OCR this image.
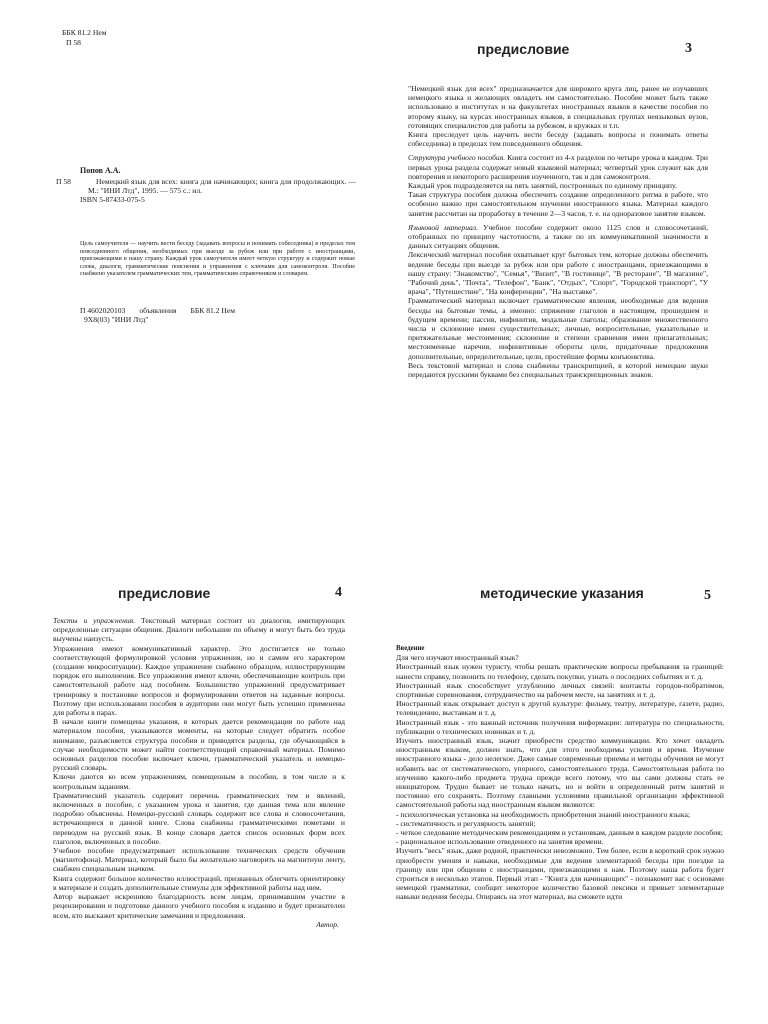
ББК 81.2 Нем
П 58
Попов А.А.
П 58	Немецкий язык для всех: книга для начинающих; книга для продолжающих. — М.: "ИНИ Лтд", 1995. — 575 с.: ил.
ISBN 5-87433-075-5
Цель самоучителя — научить вести беседу (задавать вопросы и понимать собеседника) в пределах тем повседневного общения, необходимых при выезде за рубеж или при работе с иностранцами, приезжающими в нашу страну. Каждый урок самоучителя имеет четкую структуру и содержит новые слова, диалоги, грамматические пояснения и упражнения с ключами для самоконтроля. Пособие снабжено указателем грамматических тем, грамматическим справочником и словарем.
П 4602020103 объявления ББК 81.2 Нем
9Х8(03) "ИНИ Лтд"
предисловие	3

"Немецкий язык для всех" предназначается для широкого круга лиц, ранее не изучавших немецкого языка и желающих овладеть им самостоятельно. Пособие может быть также использовано в институтах и на факультетах иностранных языков в качестве пособия по второму языку, на курсах иностранных языков, в специальных группах неязыковых вузов, готовящих специалистов для работы за рубежом, в кружках и т.п.

Книга преследует цель научить вести беседу (задавать вопросы и понимать ответы собеседника) в пределах тем повседневного общения.

Структура учебного пособия. Книга состоит из 4-х разделов по четыре урока в каждом. Три первых урока раздела содержат новый языковой материал; четвертый урок служит как для повторения и некоторого расширения изученного, так и для самоконтроля.

Каждый урок подразделяется на пять занятий, построенных по единому принципу.

Такая структура пособия должна обеспечить создание определенного ритма в работе, что особенно важно при самостоятельном изучении иностранного языка. Материал каждого занятия рассчитан на проработку в течение 2—3 часов, т. е. на одноразовое занятие языком.

Языковой материал. Учебное пособие содержит около 1125 слов и словосочетаний, отобранных по принципу частотности, а также по их коммуникативной значимости в данных ситуациях общения.

Лексический материал пособия охватывает круг бытовых тем, которые должны обеспечить ведение беседы при выезде за рубеж или при работе с иностранцами, приезжающими в нашу страну: "Знакомство", "Семья", "Визит", "В гостинице", "В ресторане", "В магазине", "Рабочий день", "Почта", "Телефон", "Банк", "Отдых", "Спорт", "Городской транспорт", "У врача", "Путешествие", "На конференции", "На выставке".

Грамматический материал включает грамматические явления, необходимые для ведения беседы на бытовые темы, а именно: спряжение глаголов в настоящем, прошедшем и будущем времени; пассив, инфинитив, модальные глаголы; образование множественного числа и склонение имен существительных; личные, вопросительные, указательные и притяжательные местоимения; склонение и степени сравнения имен прилагательных; местоименные наречия, инфинитивные обороты цели, придаточные предложения дополнительные, определительные, цели, простейшие формы конъюнктива.

Весь текстовой материал и слова снабжены транскрипцией, в которой немецкие звуки передаются русскими буквами без специальных транскрипционных знаков.

предисловие	4

Тексты и упражнения. Текстовый материал состоит из диалогов, имитирующих определенные ситуации общения. Диалоги небольшие по объему и могут быть без труда выучены наизусть.

Упражнения имеют коммуникативный характер. Это достигается не только соответствующей формулировкой условия упражнения, но и самим его характером (создание микроситуации). Каждое упражнение снабжено образцом, иллюстрирующим порядок его выполнения. Все упражнения имеют ключи, обеспечивающие контроль при самостоятельной работе над пособием. Большинство упражнений предусматривает тренировку в постановке вопросов и формулировании ответов на заданные вопросы. Поэтому при использовании пособия в аудитории они могут быть успешно применены для работы в парах.

В начале книги помещены указания, в которых дается рекомендация по работе над материалом пособия, указываются моменты, на которые следует обратить особое внимание, разъясняется структура пособия и приводятся разделы, где обучающийся в случае необходимости может найти соответствующий справочный материал. Помимо основных разделов пособие включает ключи, грамматический указатель и немецко-русский словарь.

Ключи даются ко всем упражнениям, помещенным в пособии, в том числе и к контрольным заданиям.

Грамматический указатель содержит перечень грамматических тем и явлений, включенных в пособие, с указанием урока и занятия, где данная тема или явление подробно объяснены. Немецко-русский словарь содержит все слова и словосочетания, встречающиеся в данной книге. Слова снабжены грамматическими пометами и переводом на русский язык. В конце словаря дается список основных форм всех глаголов, включенных в пособие.

Учебное пособие предусматривает использование технических средств обучения (магнитофона). Материал, который было бы желательно наговорить на магнитную ленту, снабжен специальным значком.

Книга содержит большое количество иллюстраций, призванных облегчить ориентировку в материале и создать дополнительные стимулы для эффективной работы над ним.

Автор выражает искреннюю благодарность всем лицам, принимавшим участие в рецензировании и подготовке данного учебного пособия к изданию и будет признателен всем, кто выскажет критические замечания и предложения.

Автор.

методические указания	5

Введение

Для чего изучают иностранный язык?

Иностранный язык нужен туристу, чтобы решать практические вопросы пребывания за границей: нанести справку, позвонить по телефону, сделать покупки, узнать о последних событиях и т. д.

Иностранный язык способствует углублению личных связей: контакты городов-побратимов, спортивные соревнования, сотрудничество на рабочем месте, на занятиях и т. д.

Иностранный язык открывает доступ к другой культуре: фильму, театру, литературе, газете, радио, телевидению, выставкам и т. д.

Иностранный язык - это важный источник получения информации: литература по специальности, публикации о технических новинках и т. д.

Изучить иностранный язык, значит приобрести средство коммуникации. Кто хочет овладеть иностранным языком, должен знать, что для этого необходимы усилия и время. Изучение иностранного языка - дело нелегкое. Даже самые современные приемы и методы обучения не могут избавить вас от систематического, упорного, самостоятельного труда. Самостоятельная работа по изучению какого-либо предмета трудна прежде всего потому, что вы сами должны стать ее инициатором. Трудно бывает не только начать, но и войти в определенный ритм занятий и постоянно его сохранять. Поэтому главными условиями правильной организации эффективной самостоятельной работы над иностранным языком являются:

- психологическая установка на необходимость приобретения знаний иностранного языка;

- систематичность и регулярность занятий;

- четкое следование методическим рекомендациям и установкам, данным в каждом разделе пособия;

- рациональное использование отведенного на занятия времени.

Изучить "весь" язык, даже родной, практически невозможно. Тем более, если в короткий срок нужно приобрести умения и навыки, необходимые для ведения элементарной беседы при поездке за границу или при общении с иностранцами, приезжающими к нам. Поэтому наша работа будет строиться в несколько этапов. Первый этап - "Книга для начинающих" - познакомит вас с основами немецкой грамматики, сообщит некоторое количество базовой лексики и привьет элементарные навыки ведения беседы. Опираясь на этот материал, вы сможете идти
